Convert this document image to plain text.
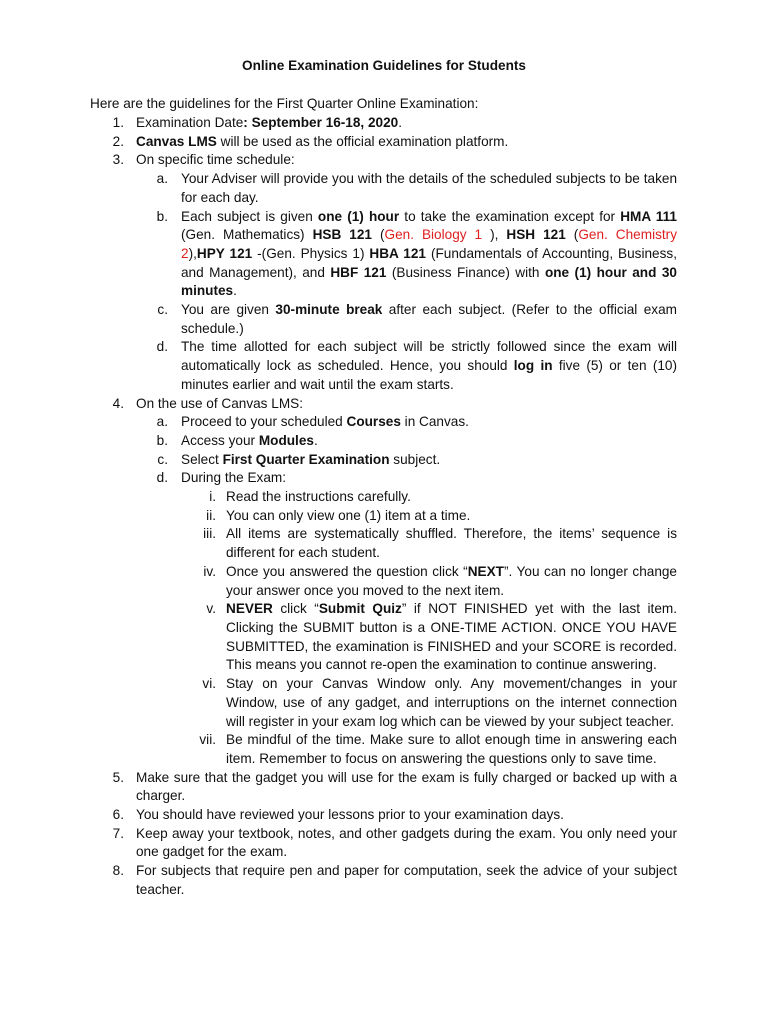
Online Examination Guidelines for Students
Here are the guidelines for the First Quarter Online Examination:
1. Examination Date: September 16-18, 2020.
2. Canvas LMS will be used as the official examination platform.
3. On specific time schedule:
a. Your Adviser will provide you with the details of the scheduled subjects to be taken for each day.
b. Each subject is given one (1) hour to take the examination except for HMA 111 (Gen. Mathematics) HSB 121 (Gen. Biology 1 ), HSH 121 (Gen. Chemistry 2),HPY 121 -(Gen. Physics 1) HBA 121 (Fundamentals of Accounting, Business, and Management), and HBF 121 (Business Finance) with one (1) hour and 30 minutes.
c. You are given 30-minute break after each subject. (Refer to the official exam schedule.)
d. The time allotted for each subject will be strictly followed since the exam will automatically lock as scheduled. Hence, you should log in five (5) or ten (10) minutes earlier and wait until the exam starts.
4. On the use of Canvas LMS:
a. Proceed to your scheduled Courses in Canvas.
b. Access your Modules.
c. Select First Quarter Examination subject.
d. During the Exam:
i. Read the instructions carefully.
ii. You can only view one (1) item at a time.
iii. All items are systematically shuffled. Therefore, the items’ sequence is different for each student.
iv. Once you answered the question click “NEXT”. You can no longer change your answer once you moved to the next item.
v. NEVER click “Submit Quiz” if NOT FINISHED yet with the last item. Clicking the SUBMIT button is a ONE-TIME ACTION. ONCE YOU HAVE SUBMITTED, the examination is FINISHED and your SCORE is recorded. This means you cannot re-open the examination to continue answering.
vi. Stay on your Canvas Window only. Any movement/changes in your Window, use of any gadget, and interruptions on the internet connection will register in your exam log which can be viewed by your subject teacher.
vii. Be mindful of the time. Make sure to allot enough time in answering each item. Remember to focus on answering the questions only to save time.
5. Make sure that the gadget you will use for the exam is fully charged or backed up with a charger.
6. You should have reviewed your lessons prior to your examination days.
7. Keep away your textbook, notes, and other gadgets during the exam. You only need your one gadget for the exam.
8. For subjects that require pen and paper for computation, seek the advice of your subject teacher.
